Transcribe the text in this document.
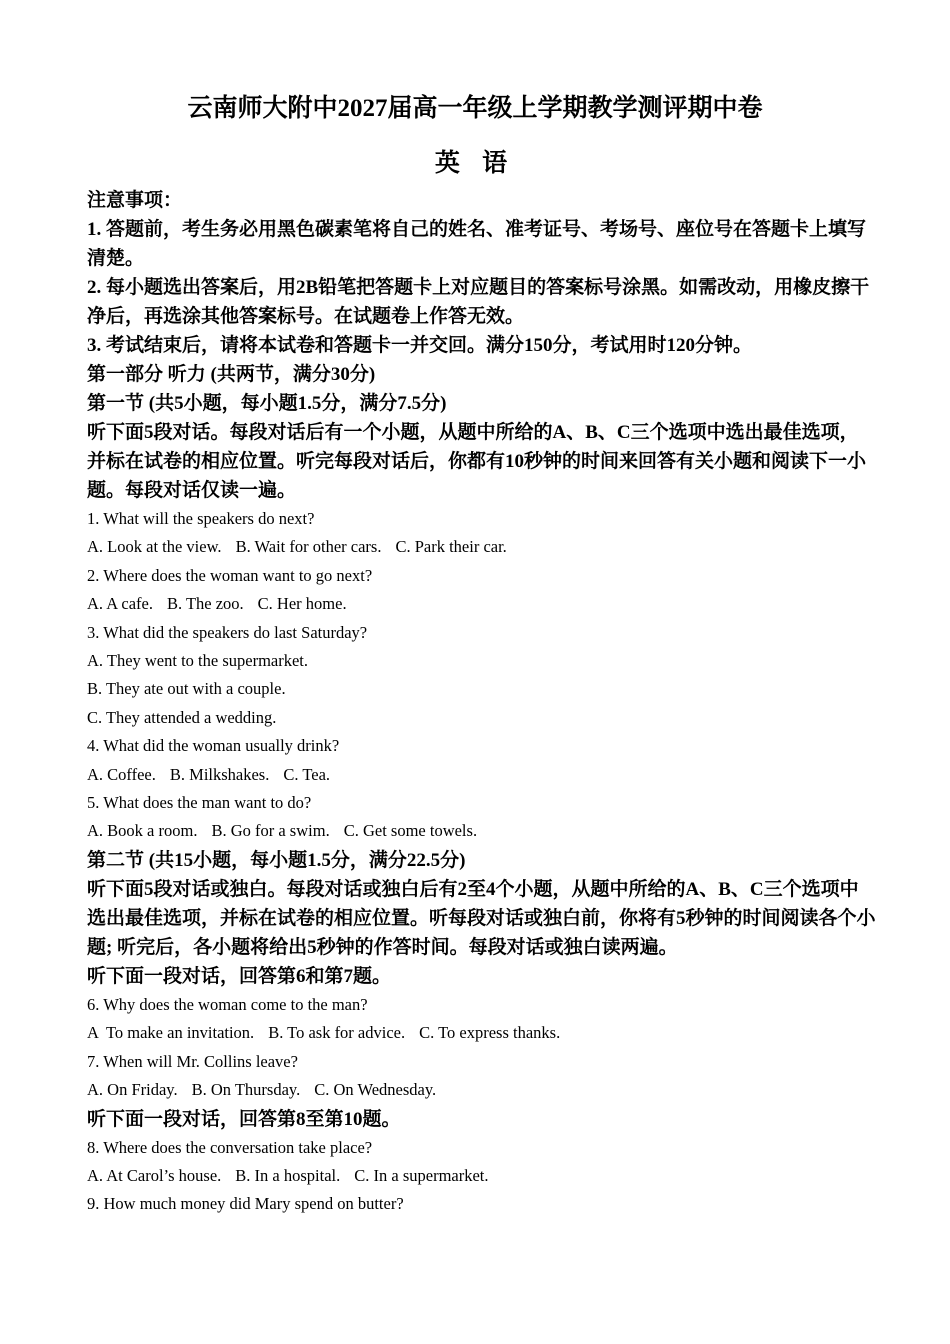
云南师大附中2027届高一年级上学期教学测评期中卷
英 语
注意事项：
1. 答题前，考生务必用黑色碳素笔将自己的姓名、准考证号、考场号、座位号在答题卡上填写清楚。
2. 每小题选出答案后，用2B铅笔把答题卡上对应题目的答案标号涂黑。如需改动，用橡皮擦干净后，再选涂其他答案标号。在试题卷上作答无效。
3. 考试结束后，请将本试卷和答题卡一并交回。满分150分，考试用时120分钟。
第一部分 听力 (共两节，满分30分)
第一节 (共5小题，每小题1.5分，满分7.5分)
听下面5段对话。每段对话后有一个小题，从题中所给的A、B、C三个选项中选出最佳选项，并标在试卷的相应位置。听完每段对话后，你都有10秒钟的时间来回答有关小题和阅读下一小题。每段对话仅读一遍。
1. What will the speakers do next?
A. Look at the view. B. Wait for other cars. C. Park their car.
2. Where does the woman want to go next?
A. A cafe. B. The zoo. C. Her home.
3. What did the speakers do last Saturday?
A. They went to the supermarket.
B. They ate out with a couple.
C. They attended a wedding.
4. What did the woman usually drink?
A. Coffee. B. Milkshakes. C. Tea.
5. What does the man want to do?
A. Book a room. B. Go for a swim. C. Get some towels.
第二节 (共15小题，每小题1.5分，满分22.5分)
听下面5段对话或独白。每段对话或独白后有2至4个小题，从题中所给的A、B、C三个选项中选出最佳选项，并标在试卷的相应位置。听每段对话或独白前，你将有5秒钟的时间阅读各个小题; 听完后，各小题将给出5秒钟的作答时间。每段对话或独白读两遍。
听下面一段对话，回答第6和第7题。
6. Why does the woman come to the man?
A  To make an invitation. B. To ask for advice. C. To express thanks.
7. When will Mr. Collins leave?
A. On Friday. B. On Thursday. C. On Wednesday.
听下面一段对话，回答第8至第10题。
8. Where does the conversation take place?
A. At Carol’s house. B. In a hospital. C. In a supermarket.
9. How much money did Mary spend on butter?
